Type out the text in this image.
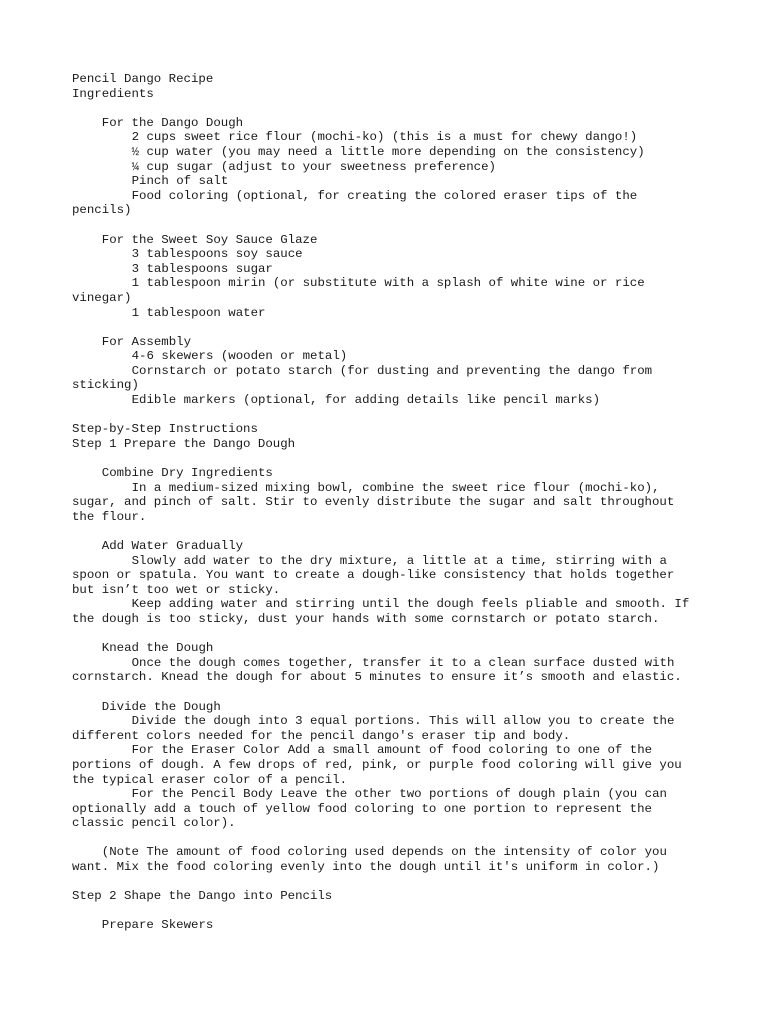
Pencil Dango Recipe
Ingredients
For the Dango Dough
2 cups sweet rice flour (mochi-ko) (this is a must for chewy dango!)
½ cup water (you may need a little more depending on the consistency)
¼ cup sugar (adjust to your sweetness preference)
Pinch of salt
Food coloring (optional, for creating the colored eraser tips of the
pencils)
For the Sweet Soy Sauce Glaze
3 tablespoons soy sauce
3 tablespoons sugar
1 tablespoon mirin (or substitute with a splash of white wine or rice
vinegar)
1 tablespoon water
For Assembly
4-6 skewers (wooden or metal)
Cornstarch or potato starch (for dusting and preventing the dango from
sticking)
Edible markers (optional, for adding details like pencil marks)
Step-by-Step Instructions
Step 1 Prepare the Dango Dough
Combine Dry Ingredients
In a medium-sized mixing bowl, combine the sweet rice flour (mochi-ko),
sugar, and pinch of salt. Stir to evenly distribute the sugar and salt throughout
the flour.
Add Water Gradually
Slowly add water to the dry mixture, a little at a time, stirring with a
spoon or spatula. You want to create a dough-like consistency that holds together
but isn’t too wet or sticky.
Keep adding water and stirring until the dough feels pliable and smooth. If
the dough is too sticky, dust your hands with some cornstarch or potato starch.
Knead the Dough
Once the dough comes together, transfer it to a clean surface dusted with
cornstarch. Knead the dough for about 5 minutes to ensure it’s smooth and elastic.
Divide the Dough
Divide the dough into 3 equal portions. This will allow you to create the
different colors needed for the pencil dango's eraser tip and body.
For the Eraser Color Add a small amount of food coloring to one of the
portions of dough. A few drops of red, pink, or purple food coloring will give you
the typical eraser color of a pencil.
For the Pencil Body Leave the other two portions of dough plain (you can
optionally add a touch of yellow food coloring to one portion to represent the
classic pencil color).
(Note The amount of food coloring used depends on the intensity of color you
want. Mix the food coloring evenly into the dough until it's uniform in color.)
Step 2 Shape the Dango into Pencils
Prepare Skewers
